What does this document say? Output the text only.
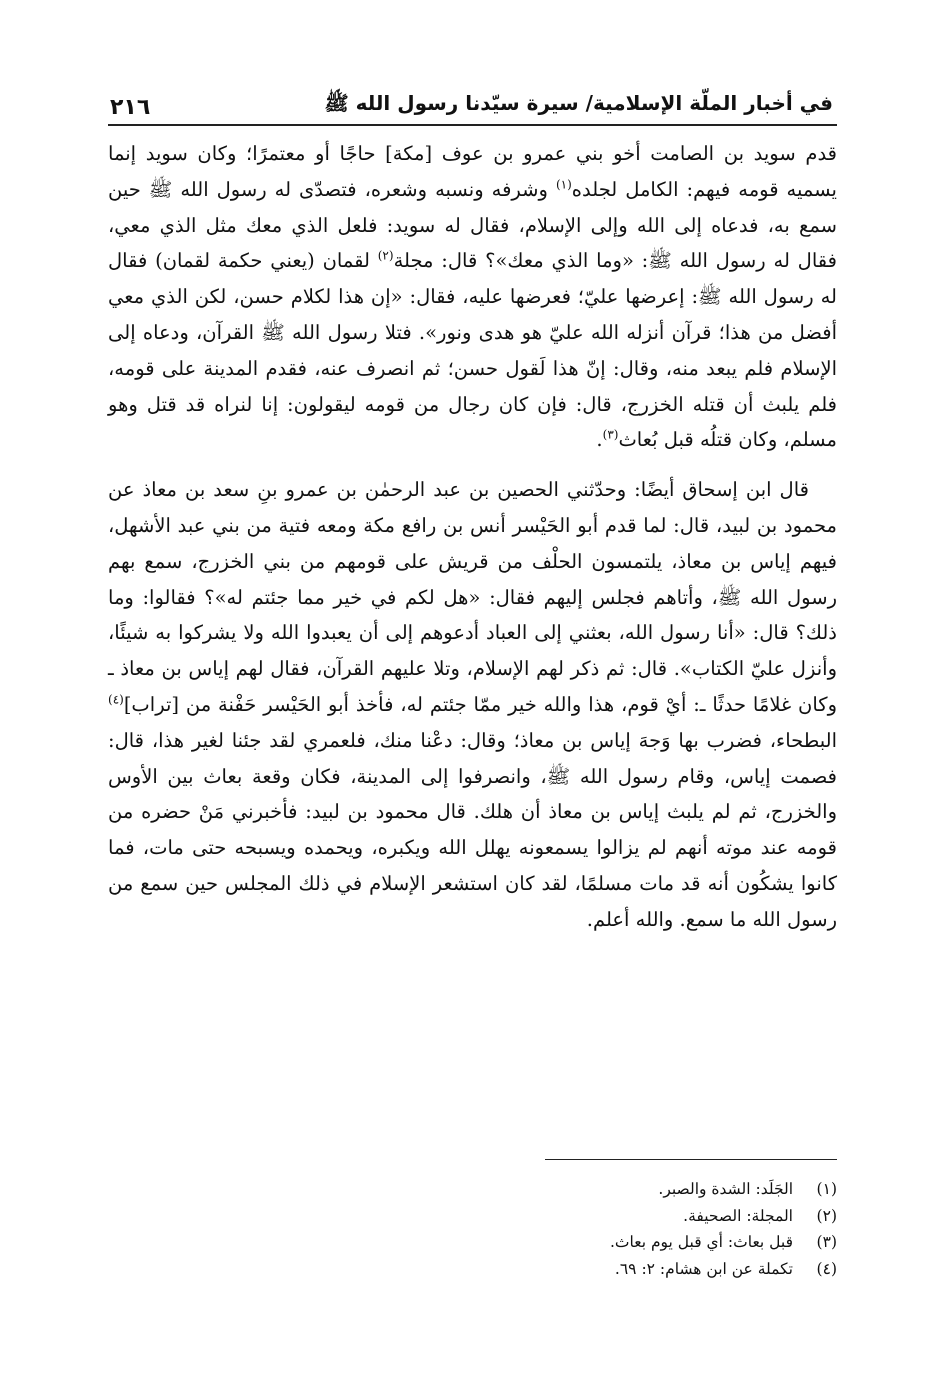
في أخبار الملّة الإسلامية/ سيرة سيّدنا رسول الله ﷺ
٢١٦

قدم سويد بن الصامت أخو بني عمرو بن عوف [مكة] حاجًا أو معتمرًا؛ وكان سويد إنما يسميه قومه فيهم: الكامل لجلده$^{(١)}$ وشرفه ونسبه وشعره، فتصدّى له رسول الله ﷺ حين سمع به، فدعاه إلى الله وإلى الإسلام، فقال له سويد: فلعل الذي معك مثل الذي معي، فقال له رسول الله ﷺ: «وما الذي معك»؟ قال: مجلة$^{(٢)}$ لقمان (يعني حكمة لقمان) فقال له رسول الله ﷺ: إعرضها عليّ؛ فعرضها عليه، فقال: «إن هذا لكلام حسن، لكن الذي معي أفضل من هذا؛ قرآن أنزله الله عليّ هو هدى ونور». فتلا رسول الله ﷺ القرآن، ودعاه إلى الإسلام فلم يبعد منه، وقال: إنّ هذا لَقول حسن؛ ثم انصرف عنه، فقدم المدينة على قومه، فلم يلبث أن قتله الخزرج، قال: فإن كان رجال من قومه ليقولون: إنا لنراه قد قتل وهو مسلم، وكان قتلُه قبل بُعاث$^{(٣)}$.

قال ابن إسحاق أيضًا: وحدّثني الحصين بن عبد الرحمٰن بن عمرو بنِ سعد بن معاذ عن محمود بن لبيد، قال: لما قدم أبو الحَيْسر أنس بن رافع مكة ومعه فتية من بني عبد الأشهل، فيهم إياس بن معاذ، يلتمسون الحلْف من قريش على قومهم من بني الخزرج، سمع بهم رسول الله ﷺ، وأتاهم فجلس إليهم فقال: «هل لكم في خير مما جئتم له»؟ فقالوا: وما ذلك؟ قال: «أنا رسول الله، بعثني إلى العباد أدعوهم إلى أن يعبدوا الله ولا يشركوا به شيئًا، وأنزل عليّ الكتاب». قال: ثم ذكر لهم الإسلام، وتلا عليهم القرآن، فقال لهم إياس بن معاذ ـ وكان غلامًا حدثًا ـ: أيْ قوم، هذا والله خير ممّا جئتم له، فأخذ أبو الحَيْسر حَفْنة من [تراب]$^{(٤)}$ البطحاء، فضرب بها وَجهَ إياس بن معاذ؛ وقال: دعْنا منك، فلعمري لقد جئنا لغير هذا، قال: فصمت إياس، وقام رسول الله ﷺ، وانصرفوا إلى المدينة، فكان وقعة بعاث بين الأوس والخزرج، ثم لم يلبث إياس بن معاذ أن هلك. قال محمود بن لبيد: فأخبرني مَنْ حضره من قومه عند موته أنهم لم يزالوا يسمعونه يهلل الله ويكبره، ويحمده ويسبحه حتى مات، فما كانوا يشكُون أنه قد مات مسلمًا، لقد كان استشعر الإسلام في ذلك المجلس حين سمع من رسول الله ما سمع. والله أعلم.

(١)
الجَلَد: الشدة والصبر.
(٢)
المجلة: الصحيفة.
(٣)
قبل بعاث: أي قبل يوم بعاث.
(٤)
تكملة عن ابن هشام: ٢: ٦٩.
